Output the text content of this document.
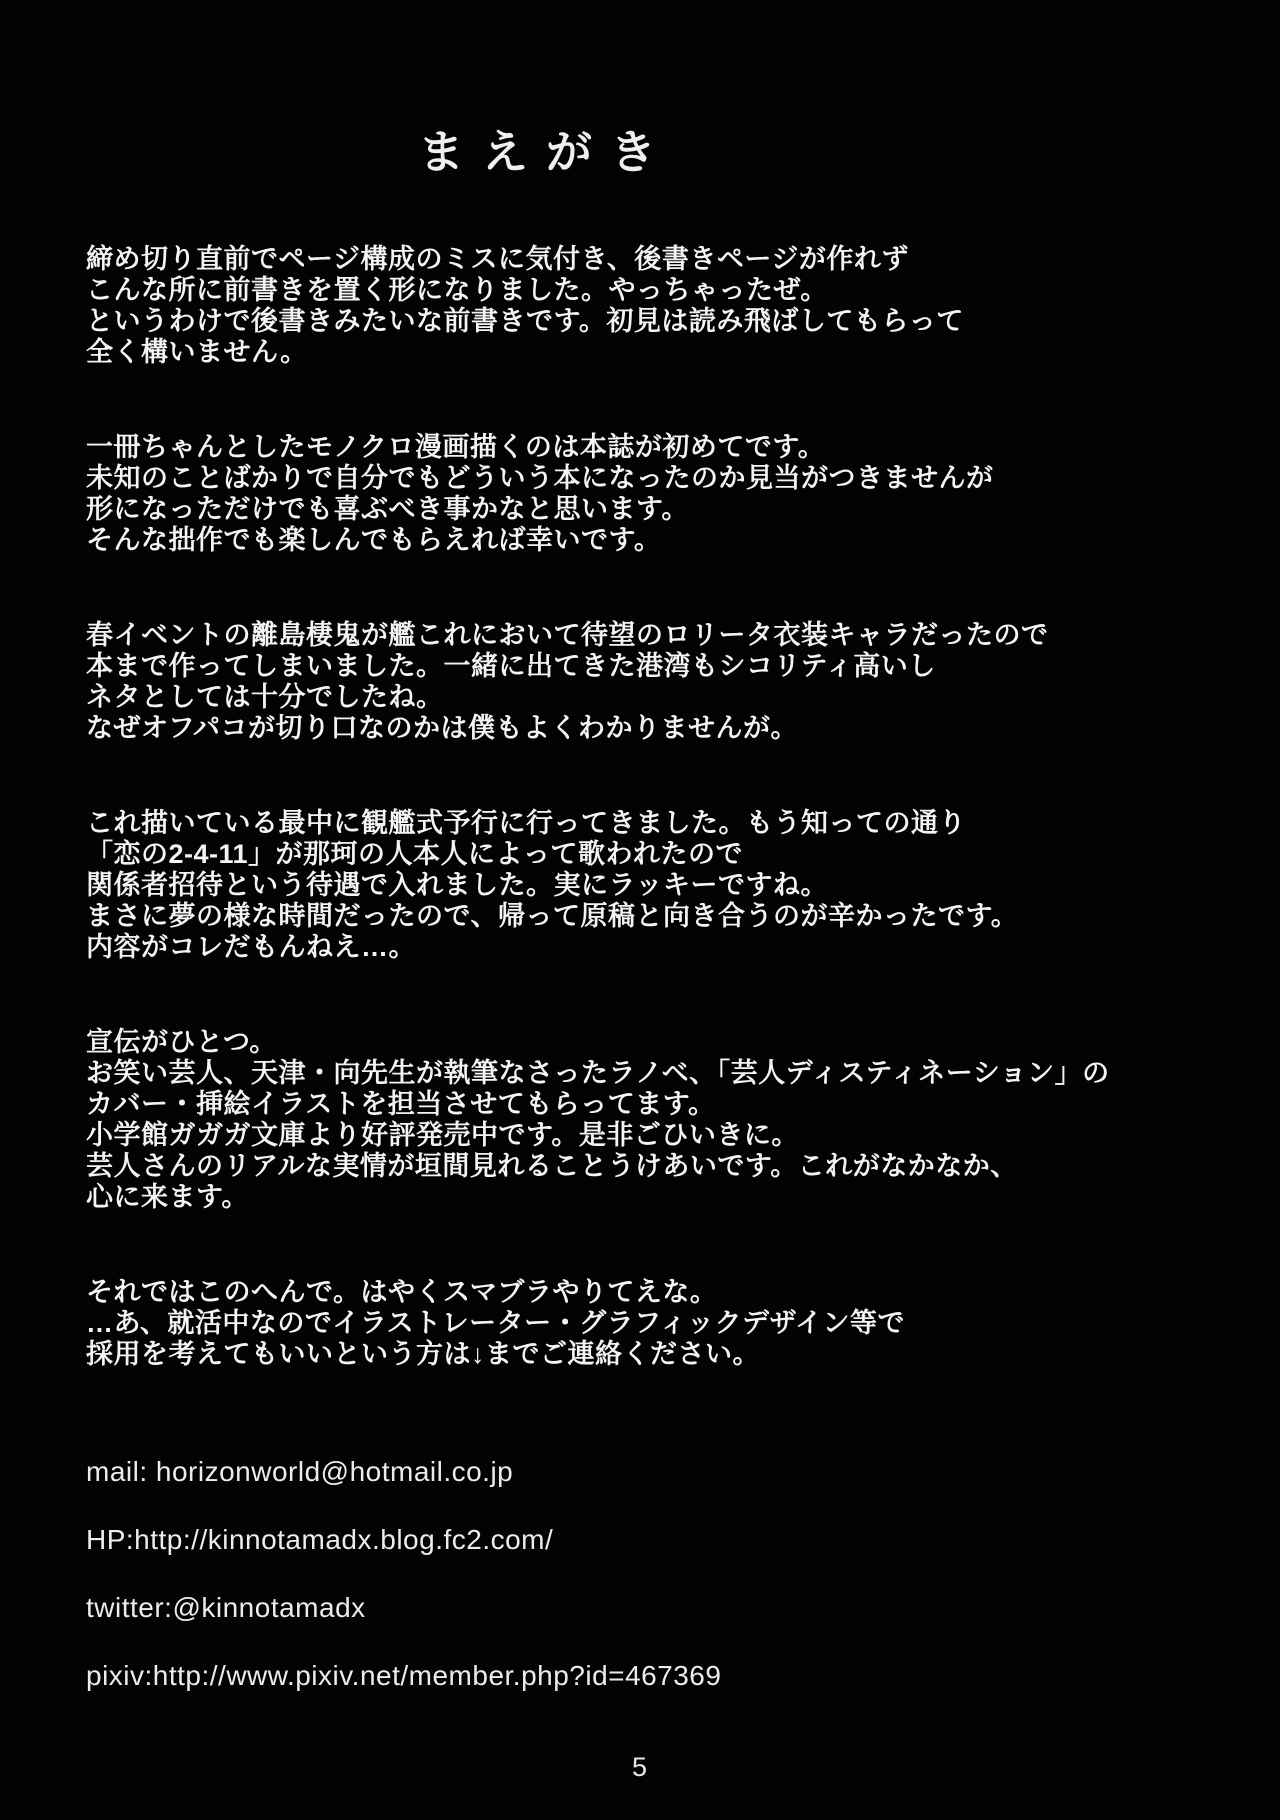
まえがき
締め切り直前でページ構成のミスに気付き、後書きページが作れず
こんな所に前書きを置く形になりました。やっちゃったぜ。
というわけで後書きみたいな前書きです。初見は読み飛ばしてもらって
全く構いません。
一冊ちゃんとしたモノクロ漫画描くのは本誌が初めてです。
未知のことばかりで自分でもどういう本になったのか見当がつきませんが
形になっただけでも喜ぶべき事かなと思います。
そんな拙作でも楽しんでもらえれば幸いです。
春イベントの離島棲鬼が艦これにおいて待望のロリータ衣装キャラだったので
本まで作ってしまいました。一緒に出てきた港湾もシコリティ高いし
ネタとしては十分でしたね。
なぜオフパコが切り口なのかは僕もよくわかりませんが。
これ描いている最中に観艦式予行に行ってきました。もう知っての通り
「恋の2-4-11」が那珂の人本人によって歌われたので
関係者招待という待遇で入れました。実にラッキーですね。
まさに夢の様な時間だったので、帰って原稿と向き合うのが辛かったです。
内容がコレだもんねえ…。
宣伝がひとつ。
お笑い芸人、天津・向先生が執筆なさったラノベ、「芸人ディスティネーション」の
カバー・挿絵イラストを担当させてもらってます。
小学館ガガガ文庫より好評発売中です。是非ごひいきに。
芸人さんのリアルな実情が垣間見れることうけあいです。これがなかなか、
心に来ます。
それではこのへんで。はやくスマブラやりてえな。
…あ、就活中なのでイラストレーター・グラフィックデザイン等で
採用を考えてもいいという方は↓までご連絡ください。
mail: horizonworld@hotmail.co.jp
HP:http://kinnotamadx.blog.fc2.com/
twitter:@kinnotamadx
pixiv:http://www.pixiv.net/member.php?id=467369
5
